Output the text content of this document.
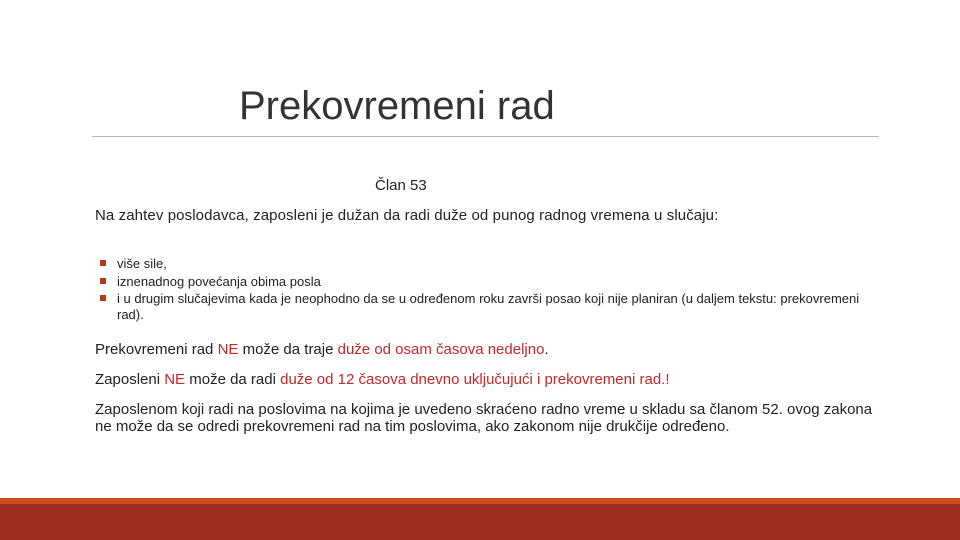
Prekovremeni rad
Član 53
Na zahtev poslodavca, zaposleni je dužan da radi duže od punog radnog vremena u slučaju:
više sile,
iznenadnog povećanja obima posla
i u drugim slučajevima kada je neophodno da se u određenom roku završi posao koji nije planiran (u daljem tekstu: prekovremeni rad).
Prekovremeni rad NE može da traje duže od osam časova nedeljno.
Zaposleni NE može da radi duže od 12 časova dnevno uključujući i prekovremeni rad.!
Zaposlenom koji radi na poslovima na kojima je uvedeno skraćeno radno vreme u skladu sa članom 52. ovog zakona ne može da se odredi prekovremeni rad na tim poslovima, ako zakonom nije drukčije određeno.
